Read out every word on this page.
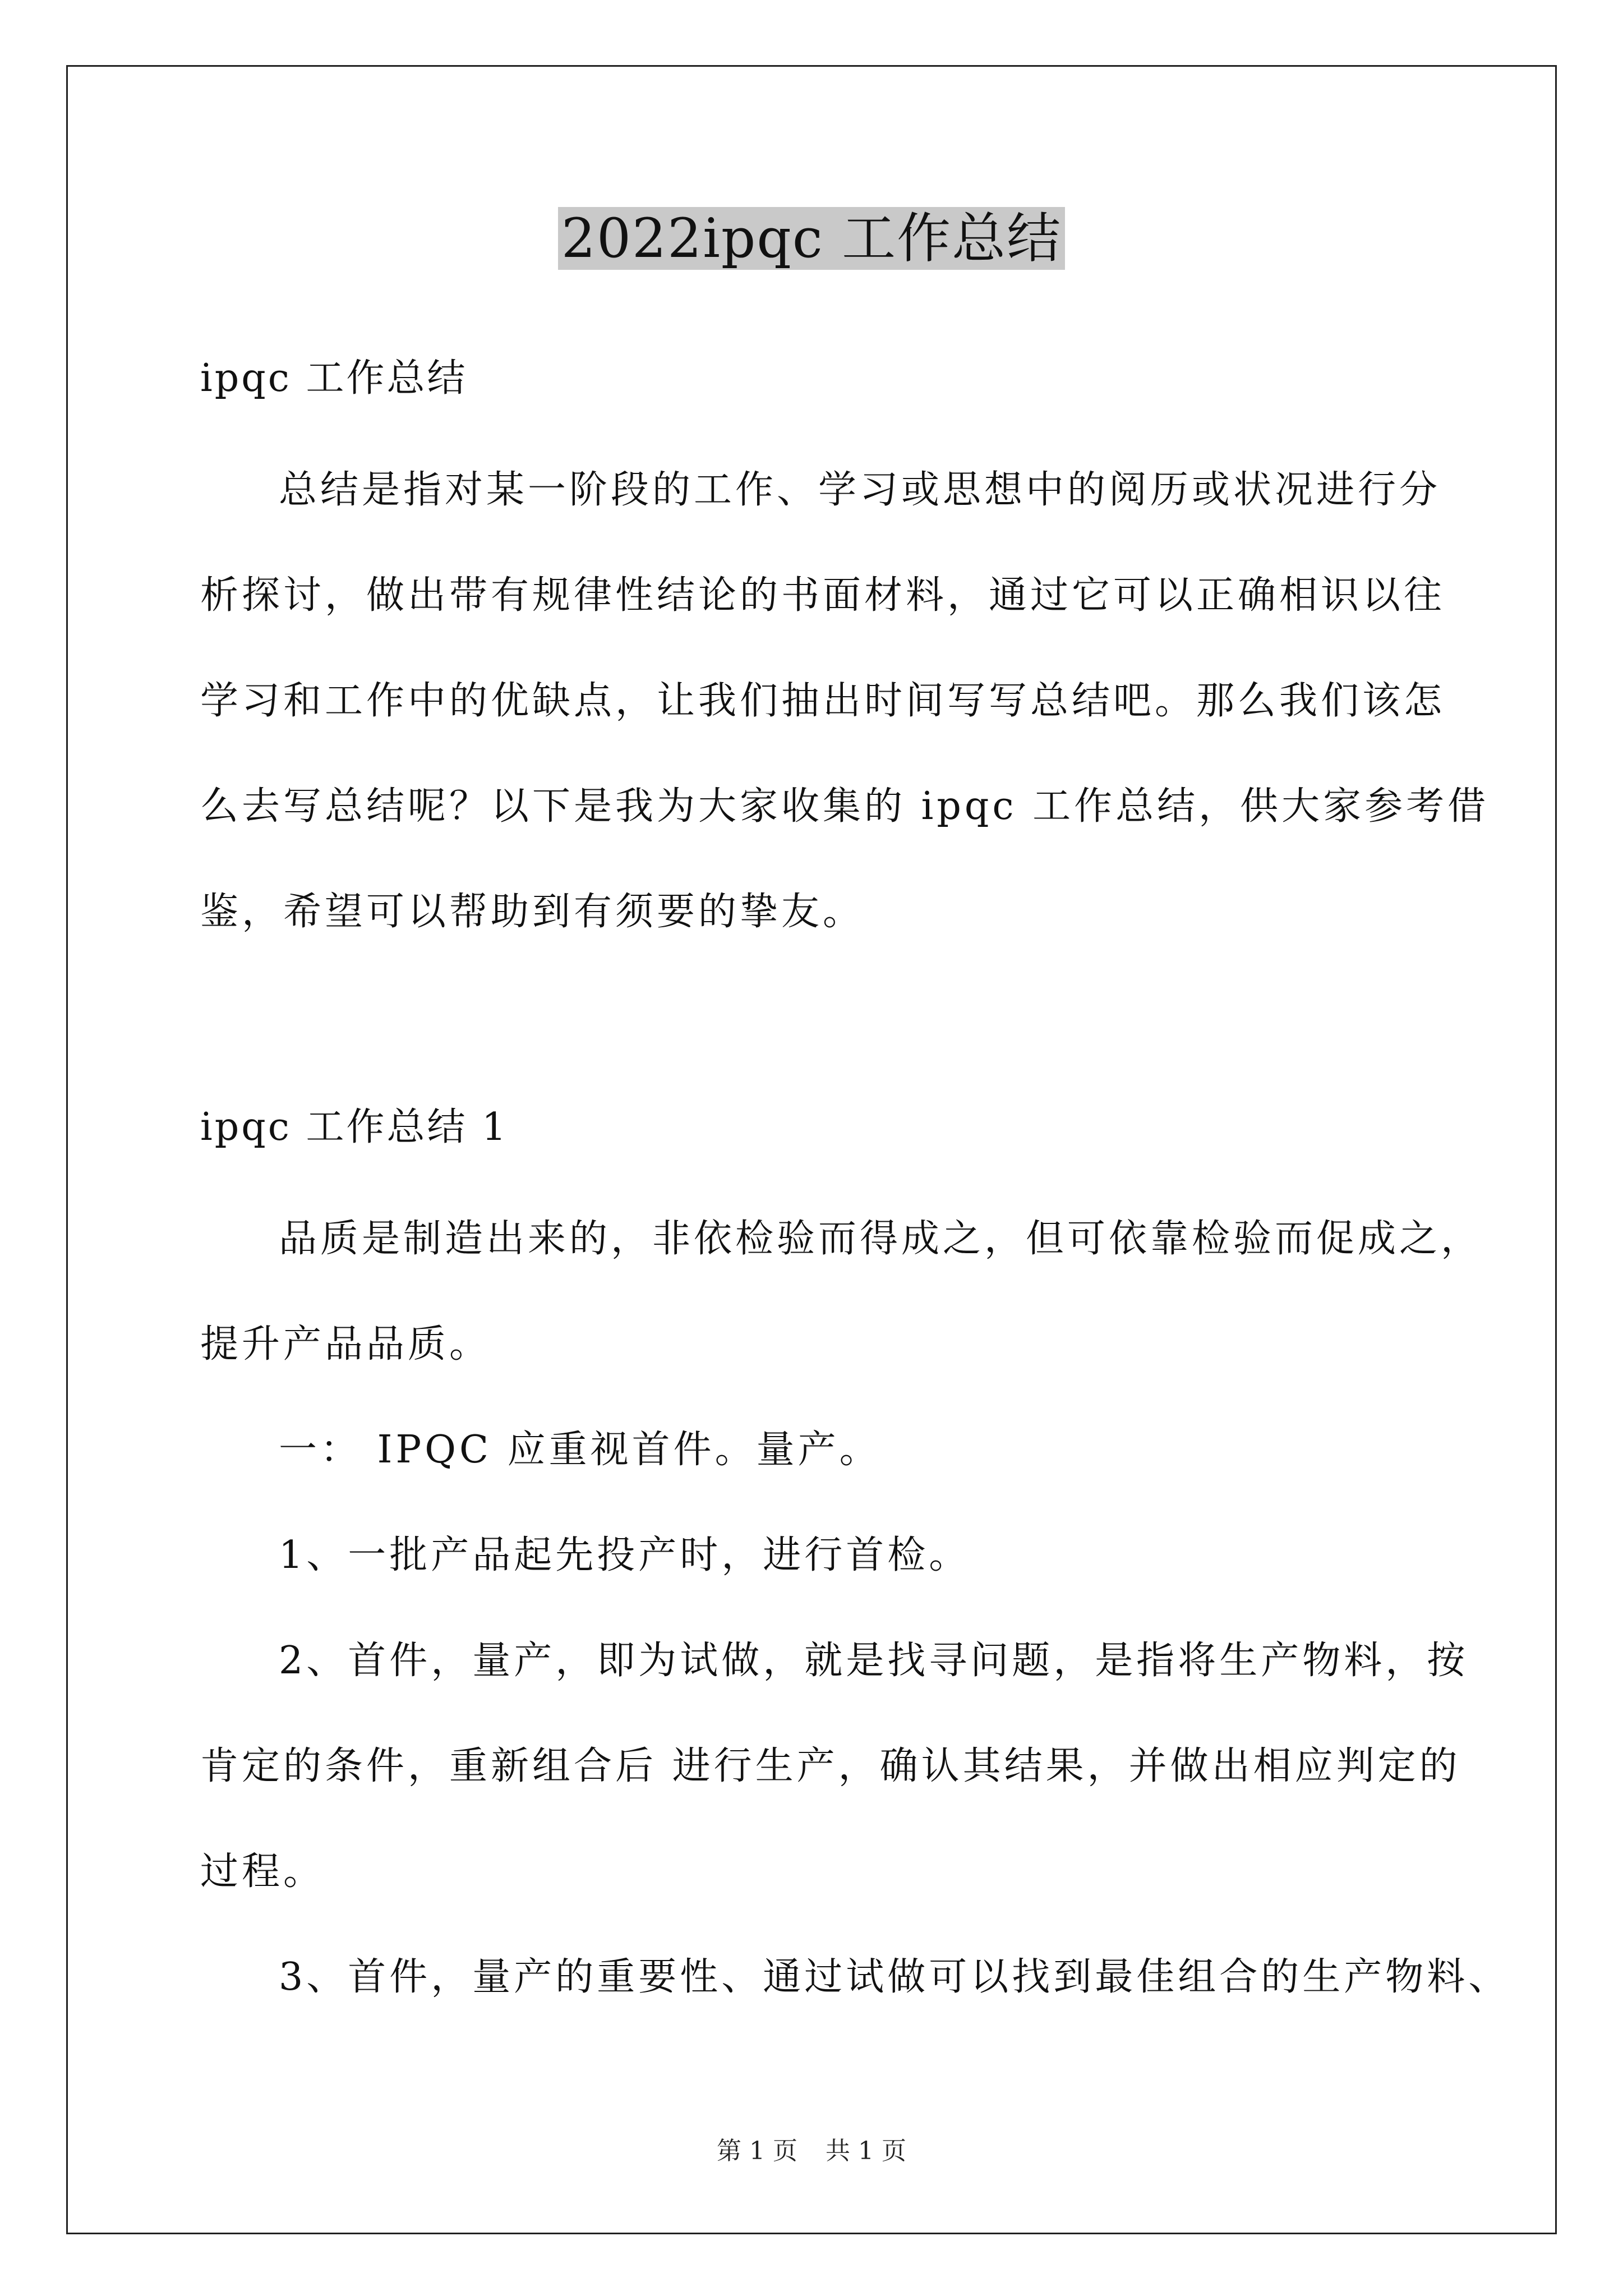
2022ipqc 工作总结

ipqc 工作总结

总结是指对某一阶段的工作、学习或思想中的阅历或状况进行分
析探讨，做出带有规律性结论的书面材料，通过它可以正确相识以往
学习和工作中的优缺点，让我们抽出时间写写总结吧。那么我们该怎
么去写总结呢？以下是我为大家收集的 ipqc 工作总结，供大家参考借
鉴，希望可以帮助到有须要的挚友。

ipqc 工作总结 1

品质是制造出来的，非依检验而得成之，但可依靠检验而促成之，
提升产品品质。

一： IPQC 应重视首件。量产。

1、一批产品起先投产时，进行首检。

2、首件，量产，即为试做，就是找寻问题，是指将生产物料，按
肯定的条件，重新组合后 进行生产，确认其结果，并做出相应判定的
过程。

3、首件，量产的重要性、通过试做可以找到最佳组合的生产物料、

第 1 页 共 1 页
